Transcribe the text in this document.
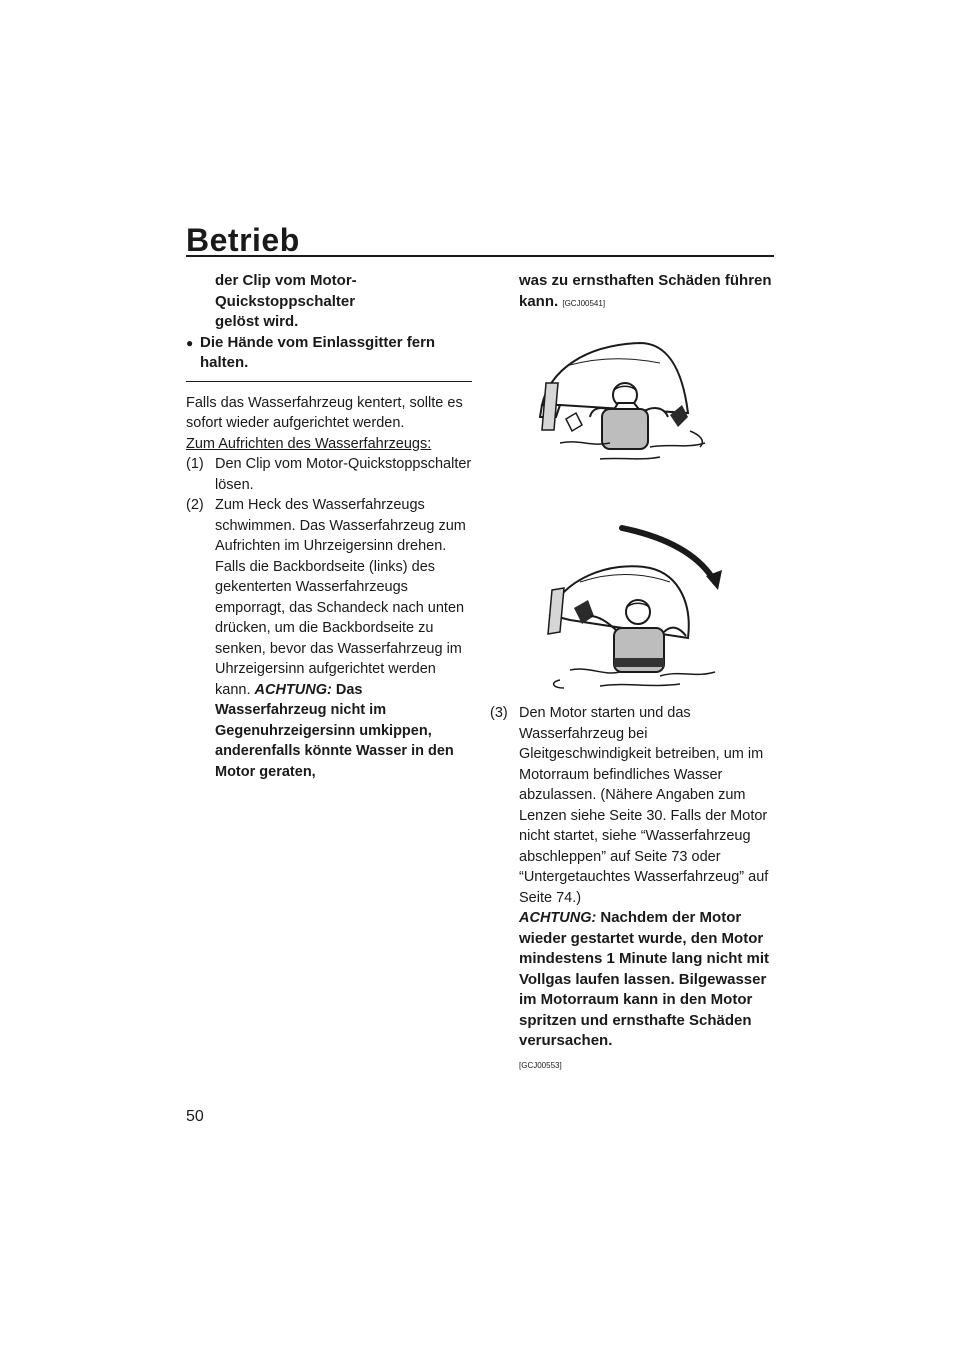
Betrieb
der Clip vom Motor-Quickstoppschalter
gelöst wird.
● Die Hände vom Einlassgitter fern halten.
Falls das Wasserfahrzeug kentert, sollte es sofort wieder aufgerichtet werden.
Zum Aufrichten des Wasserfahrzeugs:
(1) Den Clip vom Motor-Quickstoppschalter lösen.
(2) Zum Heck des Wasserfahrzeugs schwimmen. Das Wasserfahrzeug zum Aufrichten im Uhrzeigersinn drehen. Falls die Backbordseite (links) des gekenterten Wasserfahrzeugs emporragt, das Schandeck nach unten drücken, um die Backbordseite zu senken, bevor das Wasserfahrzeug im Uhrzeigersinn aufgerichtet werden kann. ACHTUNG: Das Wasserfahrzeug nicht im Gegenuhrzeigersinn umkippen, anderenfalls könnte Wasser in den Motor geraten,
was zu ernsthaften Schäden führen
kann. [GCJ00541]
(3) Den Motor starten und das Wasserfahrzeug bei Gleitgeschwindigkeit betreiben, um im Motorraum befindliches Wasser abzulassen. (Nähere Angaben zum Lenzen siehe Seite 30. Falls der Motor nicht startet, siehe “Wasserfahrzeug abschleppen” auf Seite 73 oder “Untergetauchtes Wasserfahrzeug” auf Seite 74.)
ACHTUNG: Nachdem der Motor wieder gestartet wurde, den Motor mindestens 1 Minute lang nicht mit Vollgas laufen lassen. Bilgewasser im Motorraum kann in den Motor spritzen und ernsthafte Schäden verursachen.
[GCJ00553]
50
